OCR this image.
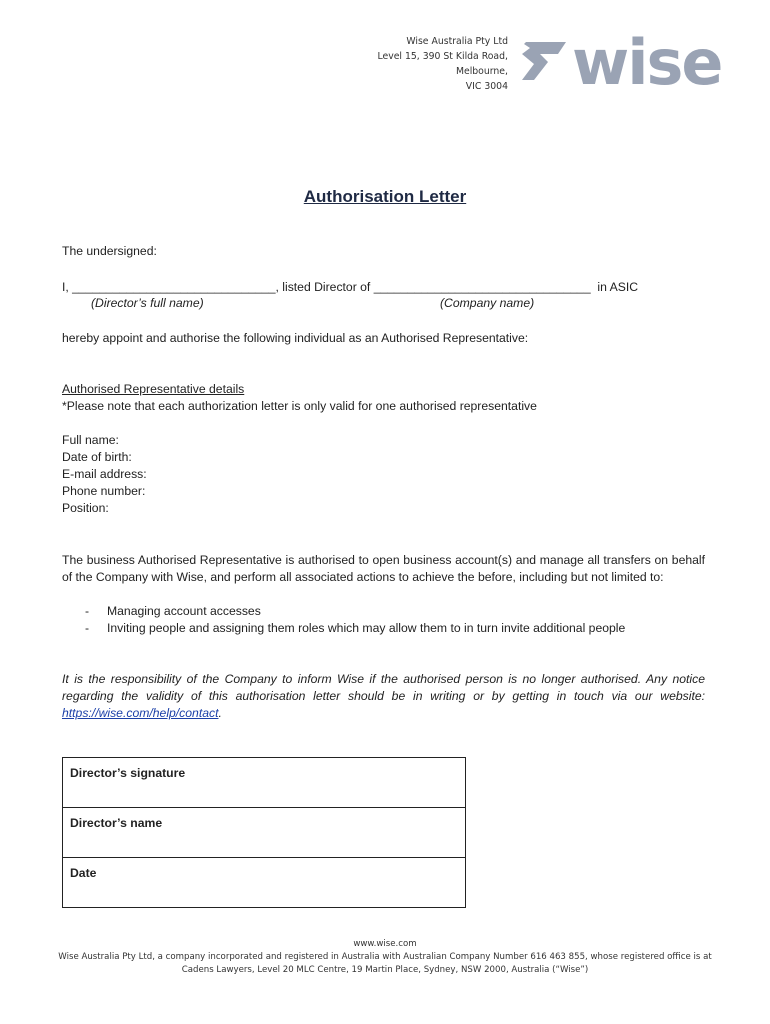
Wise Australia Pty Ltd
Level 15, 390 St Kilda Road,
Melbourne,
VIC 3004 wise
Authorisation Letter
The undersigned:
I, ______________________________, listed Director of ________________________________  in ASIC
(Director’s full name)	(Company name)
hereby appoint and authorise the following individual as an Authorised Representative:
Authorised Representative details
*Please note that each authorization letter is only valid for one authorised representative
Full name:
Date of birth:
E-mail address:
Phone number:
Position:
The business Authorised Representative is authorised to open business account(s) and manage all transfers on behalf of the Company with Wise, and perform all associated actions to achieve the before, including but not limited to:
- Managing account accesses
- Inviting people and assigning them roles which may allow them to in turn invite additional people
It is the responsibility of the Company to inform Wise if the authorised person is no longer authorised. Any notice regarding the validity of this authorisation letter should be in writing or by getting in touch via our website: https://wise.com/help/contact.
Director’s signature
Director’s name
Date
www.wise.com
Wise Australia Pty Ltd, a company incorporated and registered in Australia with Australian Company Number 616 463 855, whose registered office is at
Cadens Lawyers, Level 20 MLC Centre, 19 Martin Place, Sydney, NSW 2000, Australia (“Wise”)
